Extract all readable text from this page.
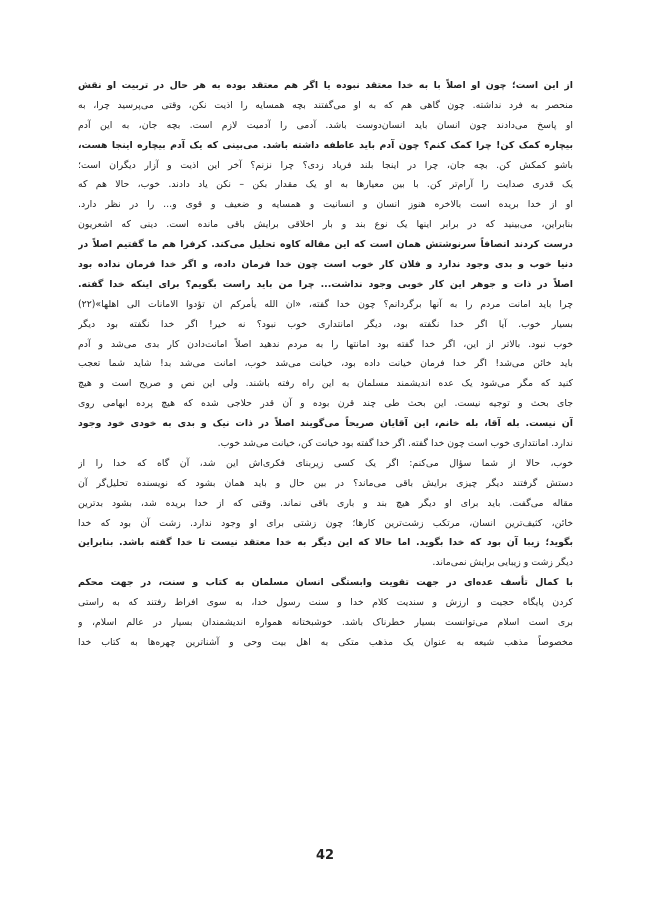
از این است؛ چون او اصلاً با به خدا معتقد نبوده یا اگر هم معتقد بوده به هر حال در تربیت او نقش
منحصر به فرد نداشته. چون گاهی هم که به او می‌گفتند بچه همسایه را اذیت نکن، وقتی می‌پرسید چرا، به
او پاسخ می‌دادند چون انسان باید انسان‌دوست باشد. آدمی را آدمیت لازم است. بچه جان، به این آدم
بیچاره کمک کن! چرا کمک کنم؟ چون آدم باید عاطفه داشته باشد. می‌بینی که یک آدم بیچاره اینجا هست،
باشو کمکش کن. بچه جان، چرا در اینجا بلند فریاد زدی؟ چرا نزنم؟ آخر این اذیت و آزار دیگران است؛
یک قدری صدایت را آرام‌تر کن. با بین معیارها به او یک مقدار بکن – نکن یاد دادند. خوب، حالا هم که
او از خدا بریده است بالاخره هنوز انسان و انسانیت و همسایه و ضعیف و قوی و... را در نظر دارد.
بنابراین، می‌بینید که در برابر اینها یک نوع بند و بار اخلاقی برایش باقی مانده است. دینی که اشعریون
درست کردند انصافاً سرنوشتش همان است که این مقاله کاوه تحلیل می‌کند. کرفرا هم ما گفتیم اصلاً در
دنیا خوب و بدی وجود ندارد و فلان کار خوب است چون خدا فرمان داده، و اگر خدا فرمان نداده بود
اصلاً در ذات و جوهر این کار خوبی وجود نداشت... چرا من باید راست بگویم؟ برای اینکه خدا گفته.
چرا باید امانت مردم را به آنها برگردانم؟ چون خدا گفته، «ان الله یأمرکم ان تؤدوا الامانات الی اهلها»(۲۲)
بسیار خوب. آیا اگر خدا نگفته بود، دیگر امانتداری خوب نبود؟ نه خیر! اگر خدا نگفته بود دیگر
خوب نبود. بالاتر از این، اگر خدا گفته بود امانتها را به مردم ندهید اصلاً امانت‌دادن کار بدی می‌شد و آدم
باید خائن می‌شد! اگر خدا فرمان خیانت داده بود، خیانت می‌شد خوب، امانت می‌شد بد! شاید شما تعجب
کنید که مگر می‌شود یک عده اندیشمند مسلمان به این راه رفته باشند. ولی این نص و صریح است و هیچ
جای بحث و توجیه نیست. این بحث طی چند قرن بوده و آن قدر حلاجی شده که هیچ پرده ابهامی روی
آن نیست. بله آقا، بله خانم، این آقایان صریحاً می‌گویند اصلاً در ذات نیک و بدی به خودی خود وجود
ندارد. امانتداری خوب است چون خدا گفته. اگر خدا گفته بود خیانت کن، خیانت می‌شد خوب.
خوب، حالا از شما سؤال می‌کنم: اگر یک کسی زیربنای فکری‌اش این شد، آن گاه که خدا را از
دستش گرفتند دیگر چیزی برایش باقی می‌ماند؟ در بین حال و باید همان بشود که نویسنده تحلیل‌گر آن
مقاله می‌گفت. باید برای او دیگر هیچ بند و باری باقی نماند. وقتی که از خدا بریده شد، بشود بدترین
خائن، کثیف‌ترین انسان، مرتکب زشت‌ترین کارها؛ چون زشتی برای او وجود ندارد. زشت آن بود که خدا
بگوید؛ زیبا آن بود که خدا بگوید. اما حالا که این دیگر به خدا معتقد نیست تا خدا گفته باشد. بنابراین
دیگر زشت و زیبایی برایش نمی‌ماند.
با کمال تأسف عده‌ای در جهت تقویت وابستگی انسان مسلمان به کتاب و سنت، در جهت محکم
کردن پایگاه حجیت و ارزش و سندیت کلام خدا و سنت رسول خدا، به سوی افراط رفتند که به راستی
بری است اسلام می‌توانست بسیار خطرناک باشد. خوشبختانه همواره اندیشمندان بسیار در عالم اسلام، و
مخصوصاً مذهب شیعه به عنوان یک مذهب متکی به اهل بیت وحی و آشناترین چهره‌ها به کتاب خدا
42
